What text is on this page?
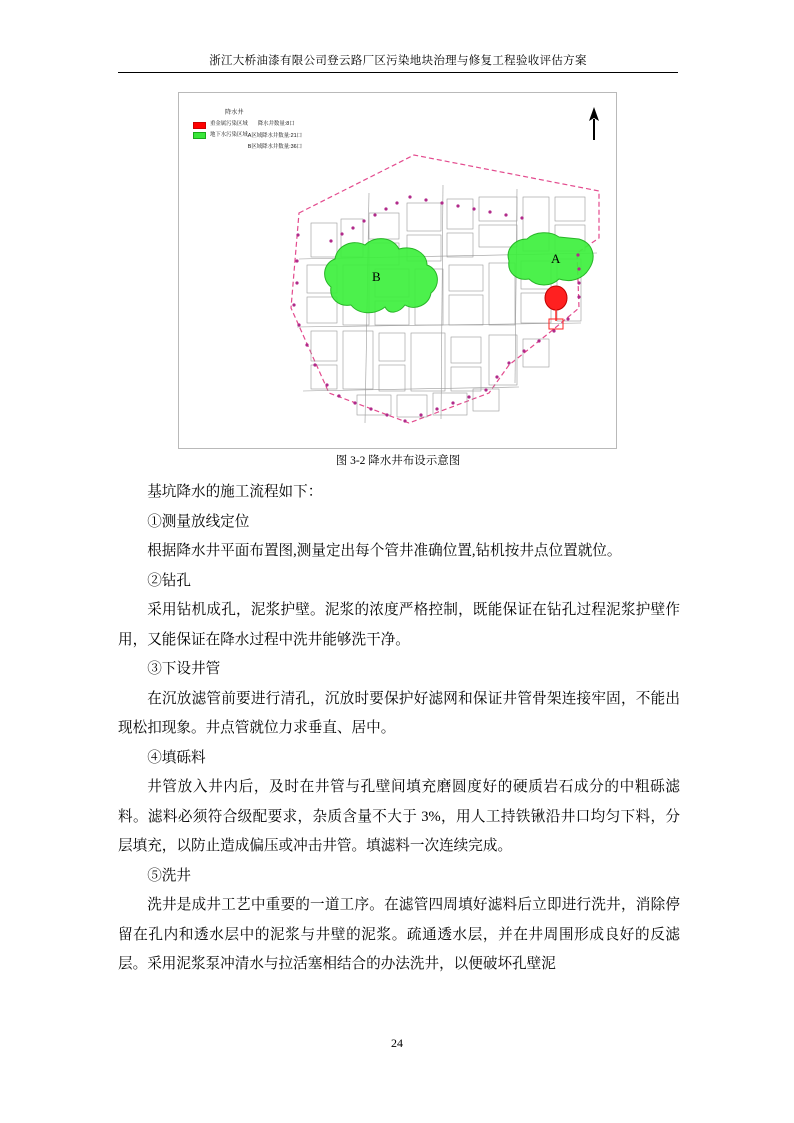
浙江大桥油漆有限公司登云路厂区污染地块治理与修复工程验收评估方案
A
B
降水井
重金属污染区域 降水井数量:8口
地下水污染区域 A区域降水井数量:21口
B区域降水井数量:36口
图 3-2 降水井布设示意图

基坑降水的施工流程如下：

①测量放线定位

根据降水井平面布置图,测量定出每个管井准确位置,钻机按井点位置就位。

②钻孔

采用钻机成孔，泥浆护壁。泥浆的浓度严格控制，既能保证在钻孔过程泥浆护壁作用，又能保证在降水过程中洗井能够洗干净。

③下设井管

在沉放滤管前要进行清孔，沉放时要保护好滤网和保证井管骨架连接牢固，不能出现松扣现象。井点管就位力求垂直、居中。

④填砾料

井管放入井内后，及时在井管与孔壁间填充磨圆度好的硬质岩石成分的中粗砾滤料。滤料必须符合级配要求，杂质含量不大于 3%，用人工持铁锹沿井口均匀下料，分层填充，以防止造成偏压或冲击井管。填滤料一次连续完成。

⑤洗井

洗井是成井工艺中重要的一道工序。在滤管四周填好滤料后立即进行洗井，消除停留在孔内和透水层中的泥浆与井壁的泥浆。疏通透水层，并在井周围形成良好的反滤层。采用泥浆泵冲清水与拉活塞相结合的办法洗井，以便破坏孔壁泥

24
